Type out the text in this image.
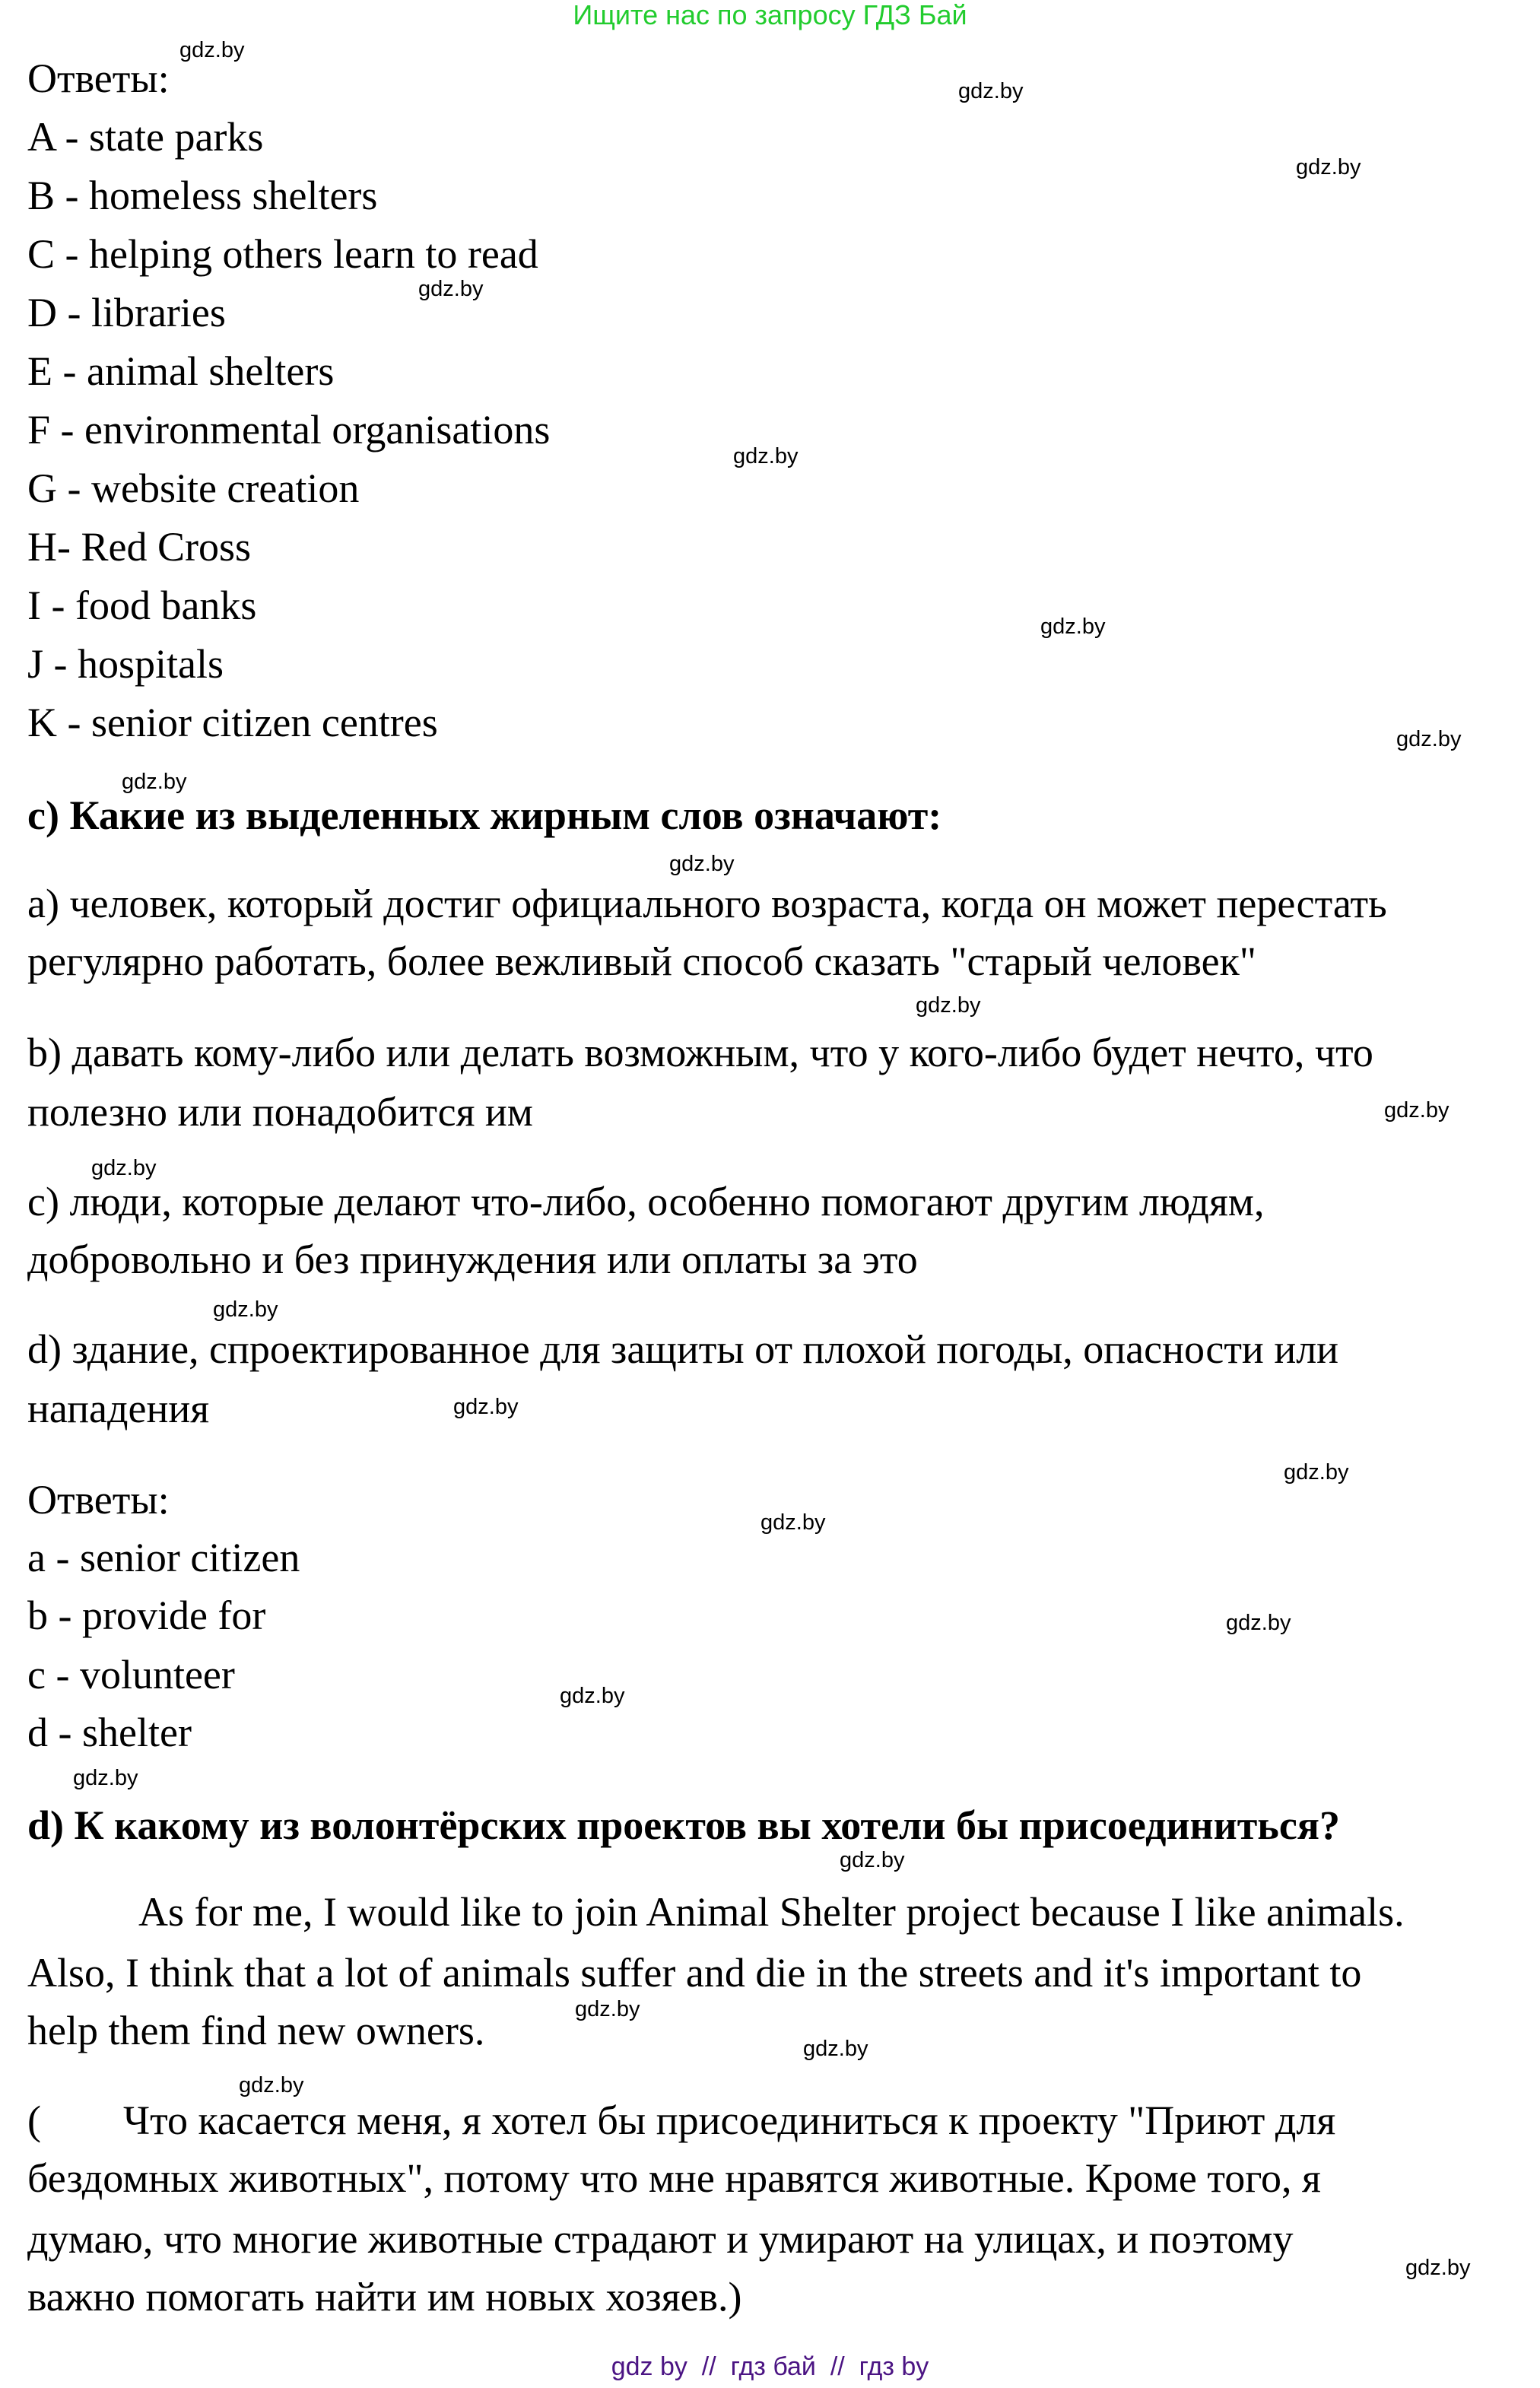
Ищите нас по запросу ГДЗ Бай
Ответы:
A - state parks
B - homeless shelters
C - helping others learn to read
D - libraries
E - animal shelters
F - environmental organisations
G - website creation
H- Red Cross
I - food banks
J - hospitals
K - senior citizen centres
c) Какие из выделенных жирным слов означают:
a) человек, который достиг официального возраста, когда он может перестать
регулярно работать, более вежливый способ сказать "старый человек"
b) давать кому-либо или делать возможным, что у кого-либо будет нечто, что
полезно или понадобится им
c) люди, которые делают что-либо, особенно помогают другим людям,
добровольно и без принуждения или оплаты за это
d) здание, спроектированное для защиты от плохой погоды, опасности или
нападения
Ответы:
a - senior citizen
b - provide for
c - volunteer
d - shelter
d) К какому из волонтёрских проектов вы хотели бы присоединиться?
As for me, I would like to join Animal Shelter project because I like animals.
Also, I think that a lot of animals suffer and die in the streets and it's important to
help them find new owners.
(        Что касается меня, я хотел бы присоединиться к проекту "Приют для
бездомных животных", потому что мне нравятся животные. Кроме того, я
думаю, что многие животные страдают и умирают на улицах, и поэтому
важно помогать найти им новых хозяев.)
gdz.by
gdz.by
gdz.by
gdz.by
gdz.by
gdz.by
gdz.by
gdz.by
gdz.by
gdz.by
gdz.by
gdz.by
gdz.by
gdz.by
gdz.by
gdz.by
gdz.by
gdz.by
gdz.by
gdz.by
gdz.by
gdz.by
gdz.by
gdz.by
gdz by  //  гдз бай  //  гдз by
